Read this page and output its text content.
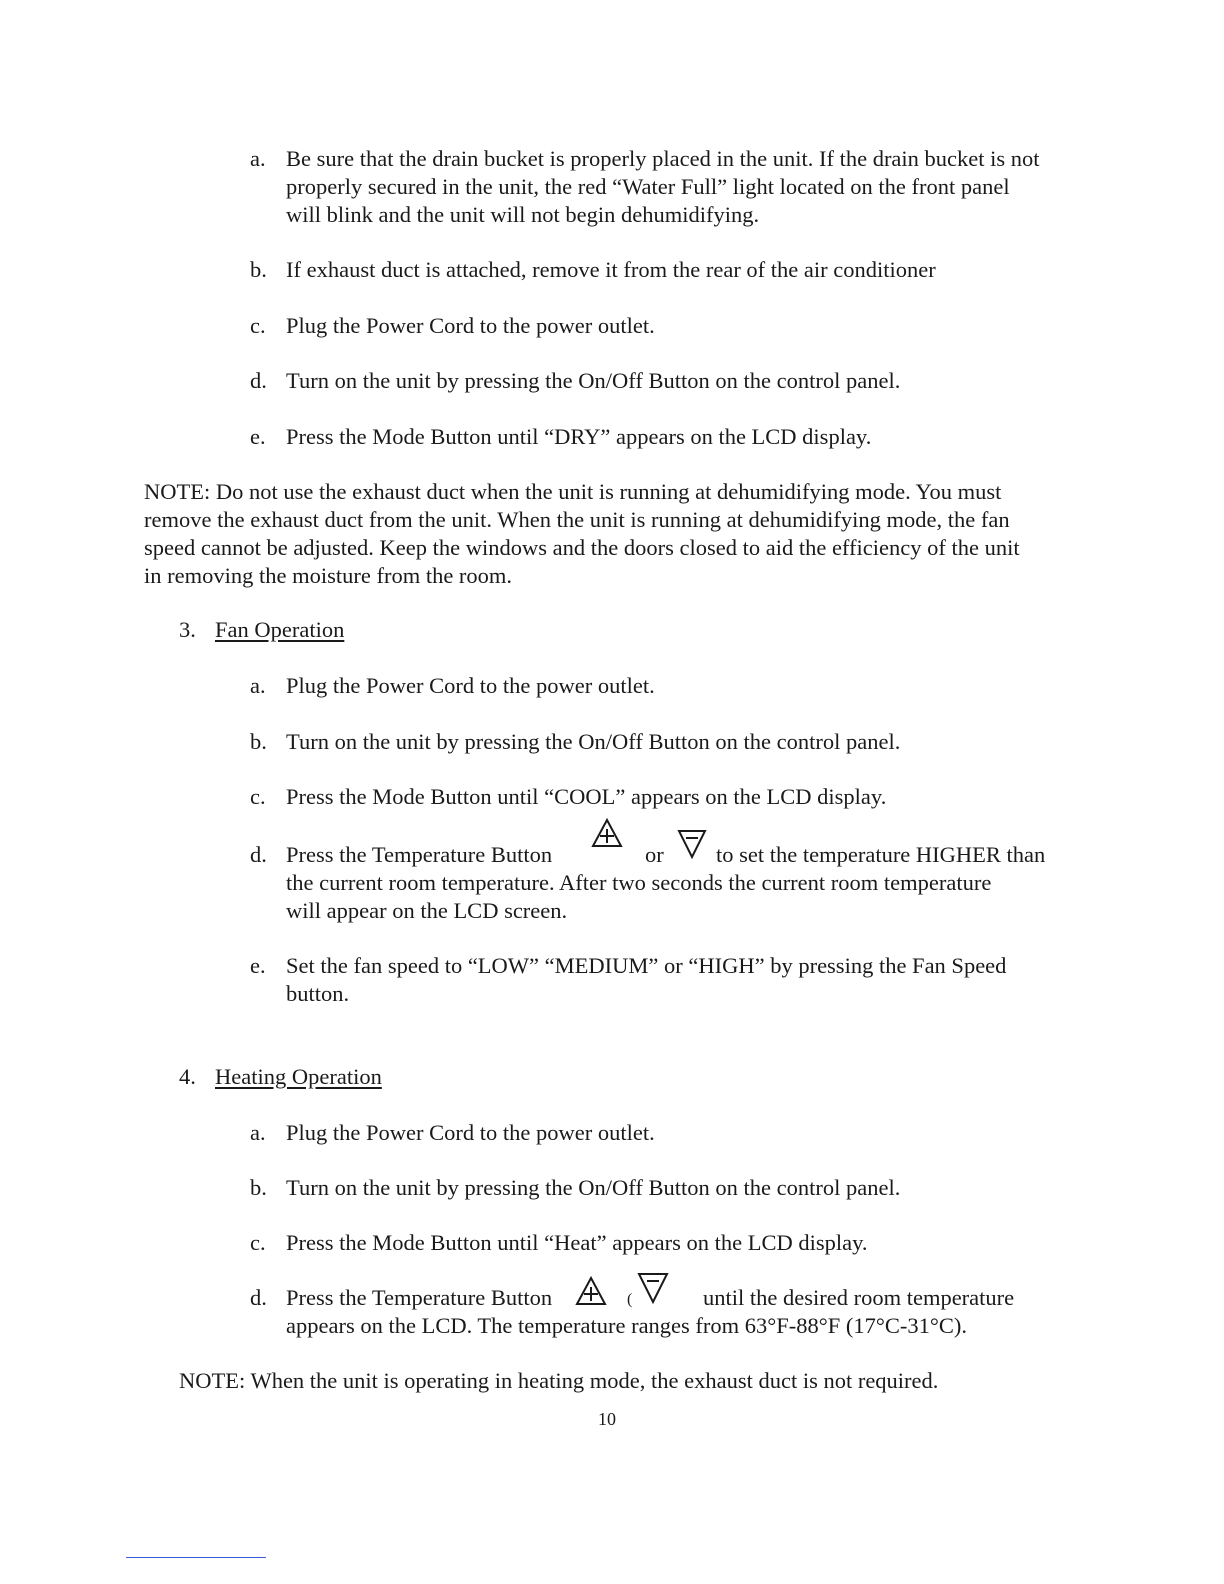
a. Be sure that the drain bucket is properly placed in the unit. If the drain bucket is not
properly secured in the unit, the red “Water Full” light located on the front panel
will blink and the unit will not begin dehumidifying.
b. If exhaust duct is attached, remove it from the rear of the air conditioner
c. Plug the Power Cord to the power outlet.
d. Turn on the unit by pressing the On/Off Button on the control panel.
e. Press the Mode Button until “DRY” appears on the LCD display.
NOTE: Do not use the exhaust duct when the unit is running at dehumidifying mode. You must
remove the exhaust duct from the unit. When the unit is running at dehumidifying mode, the fan
speed cannot be adjusted. Keep the windows and the doors closed to aid the efficiency of the unit
in removing the moisture from the room.
3. Fan Operation
a. Plug the Power Cord to the power outlet.
b. Turn on the unit by pressing the On/Off Button on the control panel.
c. Press the Mode Button until “COOL” appears on the LCD display.
d. Press the Temperature Button	or to set the temperature HIGHER than
the current room temperature. After two seconds the current room temperature
will appear on the LCD screen.
e. Set the fan speed to “LOW” “MEDIUM” or “HIGH” by pressing the Fan Speed
button.
4. Heating Operation
a. Plug the Power Cord to the power outlet.
b. Turn on the unit by pressing the On/Off Button on the control panel.
c. Press the Mode Button until “Heat” appears on the LCD display.
d. Press the Temperature Button	(	until the desired room temperature
appears on the LCD. The temperature ranges from 63°F-88°F (17°C-31°C).
NOTE: When the unit is operating in heating mode, the exhaust duct is not required.
10
